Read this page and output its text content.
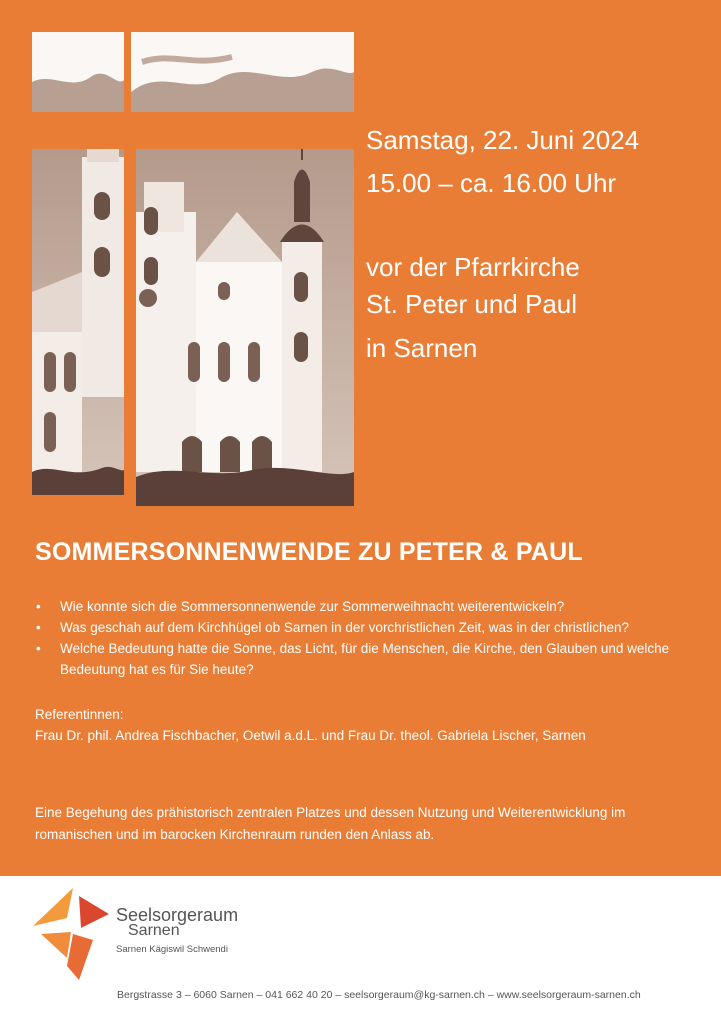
Samstag, 22. Juni 2024
15.00 – ca. 16.00 Uhr
vor der Pfarrkirche
St. Peter und Paul
in Sarnen
SOMMERSONNENWENDE ZU PETER & PAUL
• Wie konnte sich die Sommersonnenwende zur Sommerweihnacht weiterentwickeln?
• Was geschah auf dem Kirchhügel ob Sarnen in der vorchristlichen Zeit, was in der christlichen?
• Welche Bedeutung hatte die Sonne, das Licht, für die Menschen, die Kirche, den Glauben und welche Bedeutung hat es für Sie heute?
Referentinnen:
Frau Dr. phil. Andrea Fischbacher, Oetwil a.d.L. und Frau Dr. theol. Gabriela Lischer, Sarnen
Eine Begehung des prähistorisch zentralen Platzes und dessen Nutzung und Weiterentwicklung im romanischen und im barocken Kirchenraum runden den Anlass ab.
Seelsorgeraum
Sarnen
Sarnen Kägiswil Schwendi
Bergstrasse 3 – 6060 Sarnen – 041 662 40 20 – seelsorgeraum@kg-sarnen.ch – www.seelsorgeraum-sarnen.ch
